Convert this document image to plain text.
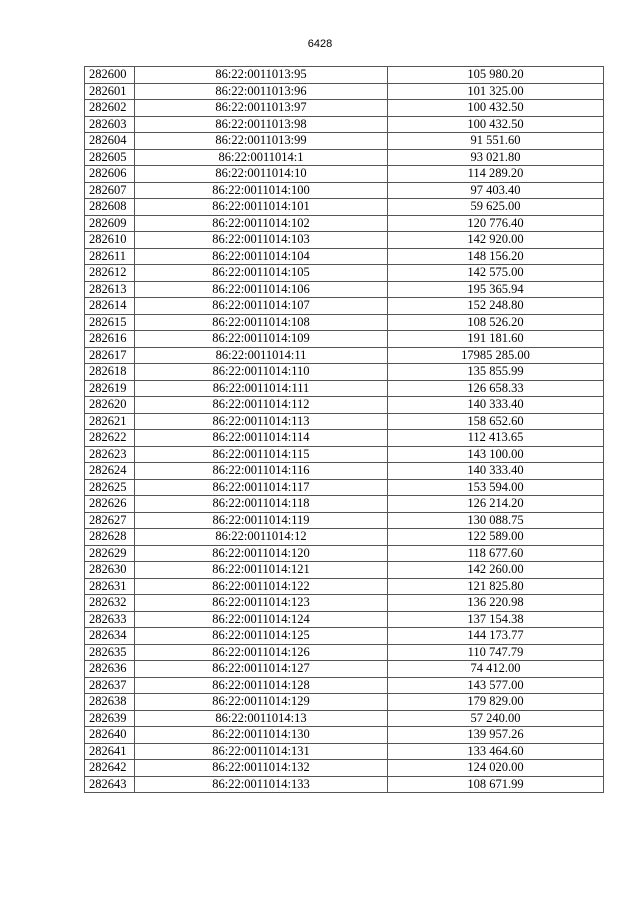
6428
282600	86:22:0011013:95	105 980.20
282601	86:22:0011013:96	101 325.00
282602	86:22:0011013:97	100 432.50
282603	86:22:0011013:98	100 432.50
282604	86:22:0011013:99	91 551.60
282605	86:22:0011014:1	93 021.80
282606	86:22:0011014:10	114 289.20
282607	86:22:0011014:100	97 403.40
282608	86:22:0011014:101	59 625.00
282609	86:22:0011014:102	120 776.40
282610	86:22:0011014:103	142 920.00
282611	86:22:0011014:104	148 156.20
282612	86:22:0011014:105	142 575.00
282613	86:22:0011014:106	195 365.94
282614	86:22:0011014:107	152 248.80
282615	86:22:0011014:108	108 526.20
282616	86:22:0011014:109	191 181.60
282617	86:22:0011014:11	17985 285.00
282618	86:22:0011014:110	135 855.99
282619	86:22:0011014:111	126 658.33
282620	86:22:0011014:112	140 333.40
282621	86:22:0011014:113	158 652.60
282622	86:22:0011014:114	112 413.65
282623	86:22:0011014:115	143 100.00
282624	86:22:0011014:116	140 333.40
282625	86:22:0011014:117	153 594.00
282626	86:22:0011014:118	126 214.20
282627	86:22:0011014:119	130 088.75
282628	86:22:0011014:12	122 589.00
282629	86:22:0011014:120	118 677.60
282630	86:22:0011014:121	142 260.00
282631	86:22:0011014:122	121 825.80
282632	86:22:0011014:123	136 220.98
282633	86:22:0011014:124	137 154.38
282634	86:22:0011014:125	144 173.77
282635	86:22:0011014:126	110 747.79
282636	86:22:0011014:127	74 412.00
282637	86:22:0011014:128	143 577.00
282638	86:22:0011014:129	179 829.00
282639	86:22:0011014:13	57 240.00
282640	86:22:0011014:130	139 957.26
282641	86:22:0011014:131	133 464.60
282642	86:22:0011014:132	124 020.00
282643	86:22:0011014:133	108 671.99
